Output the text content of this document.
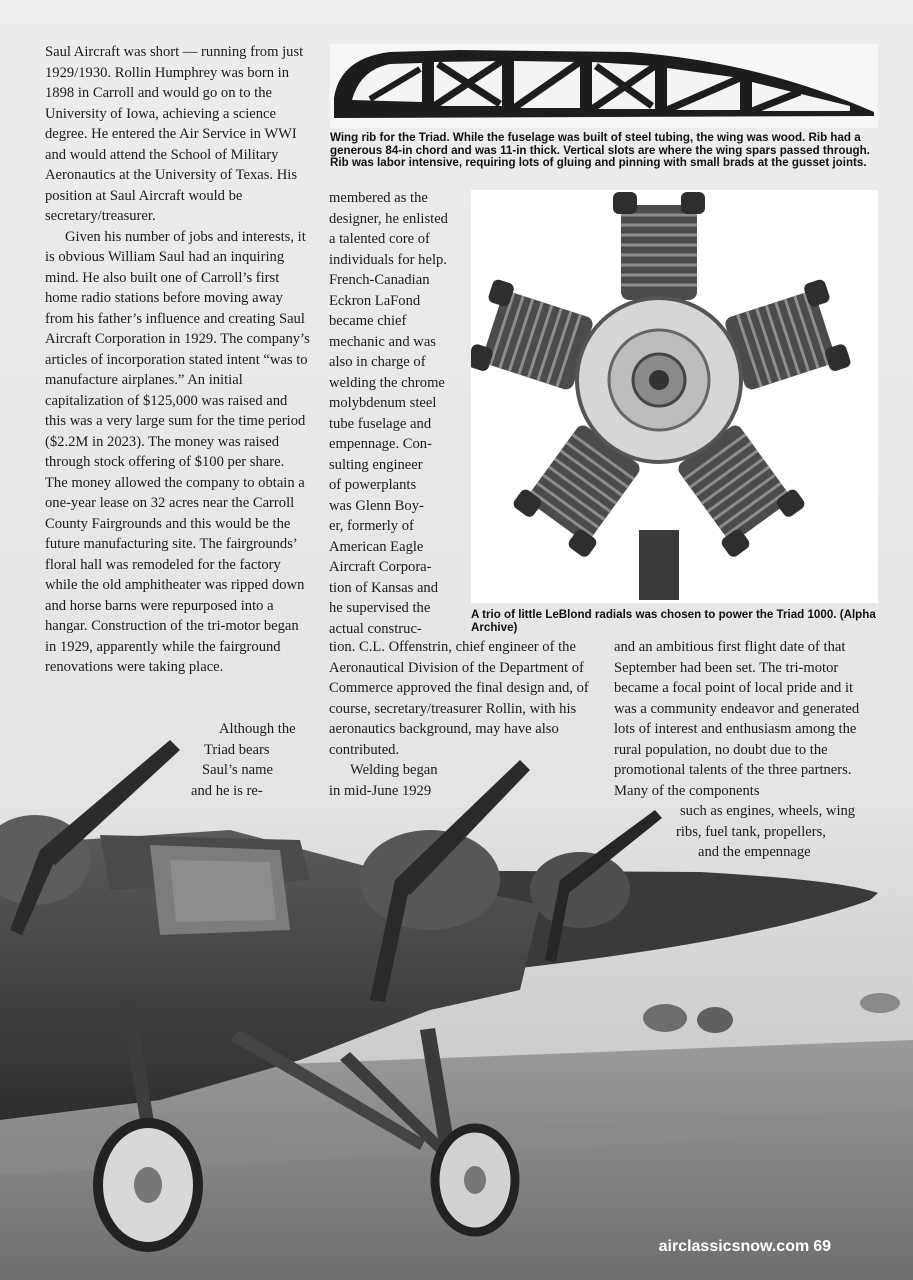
Saul Aircraft was short — running from just 1929/1930. Rollin Humphrey was born in 1898 in Carroll and would go on to the University of Iowa, achieving a science degree. He entered the Air Service in WWI and would attend the School of Military Aeronautics at the University of Texas. His position at Saul Aircraft would be secretary/treasurer.

Given his number of jobs and interests, it is obvious William Saul had an inquiring mind. He also built one of Carroll’s first home radio stations before moving away from his father’s influence and creating Saul Aircraft Corporation in 1929. The company’s articles of incorporation stated intent “was to manufacture airplanes.” An initial capitalization of $125,000 was raised and this was a very large sum for the time period ($2.2M in 2023). The money was raised through stock offering of $100 per share. The money allowed the company to obtain a one-year lease on 32 acres near the Carroll County Fairgrounds and this would be the future manufacturing site. The fairgrounds’ floral hall was remodeled for the factory while the old amphitheater was ripped down and horse barns were repurposed into a hangar. Construction of the tri-motor began in 1929, apparently while the fairground renovations were taking place.

Although the
Triad bears
Saul’s name
and he is re-
Wing rib for the Triad. While the fuselage was built of steel tubing, the wing was wood. Rib had a generous 84-in chord and was 11-in thick. Vertical slots are where the wing spars passed through. Rib was labor intensive, requiring lots of gluing and pinning with small brads at the gusset joints.
membered as the
designer, he enlisted
a talented core of
individuals for help.
French-Canadian
Eckron LaFond
became chief
mechanic and was
also in charge of
welding the chrome
molybdenum steel
tube fuselage and
empennage. Con-
sulting engineer
of powerplants
was Glenn Boy-
er, formerly of
American Eagle
Aircraft Corpora-
tion of Kansas and
he supervised the
actual construc-

tion. C.L. Offenstrin, chief engineer of the Aeronautical Division of the Department of Commerce approved the final design and, of course, secretary/treasurer Rollin, with his aeronautics background, may have also contributed.

Welding began
in mid-June 1929

A trio of little LeBlond radials was chosen to power the Triad 1000. (Alpha Archive)

and an ambitious first flight date of that September had been set. The tri-motor became a focal point of local pride and it was a community endeavor and generated lots of interest and enthusiasm among the rural population, no doubt due to the promotional talents of the three partners. Many of the components

such as engines, wheels, wing
ribs, fuel tank, propellers,
and the empennage
airclassicsnow.com 69
